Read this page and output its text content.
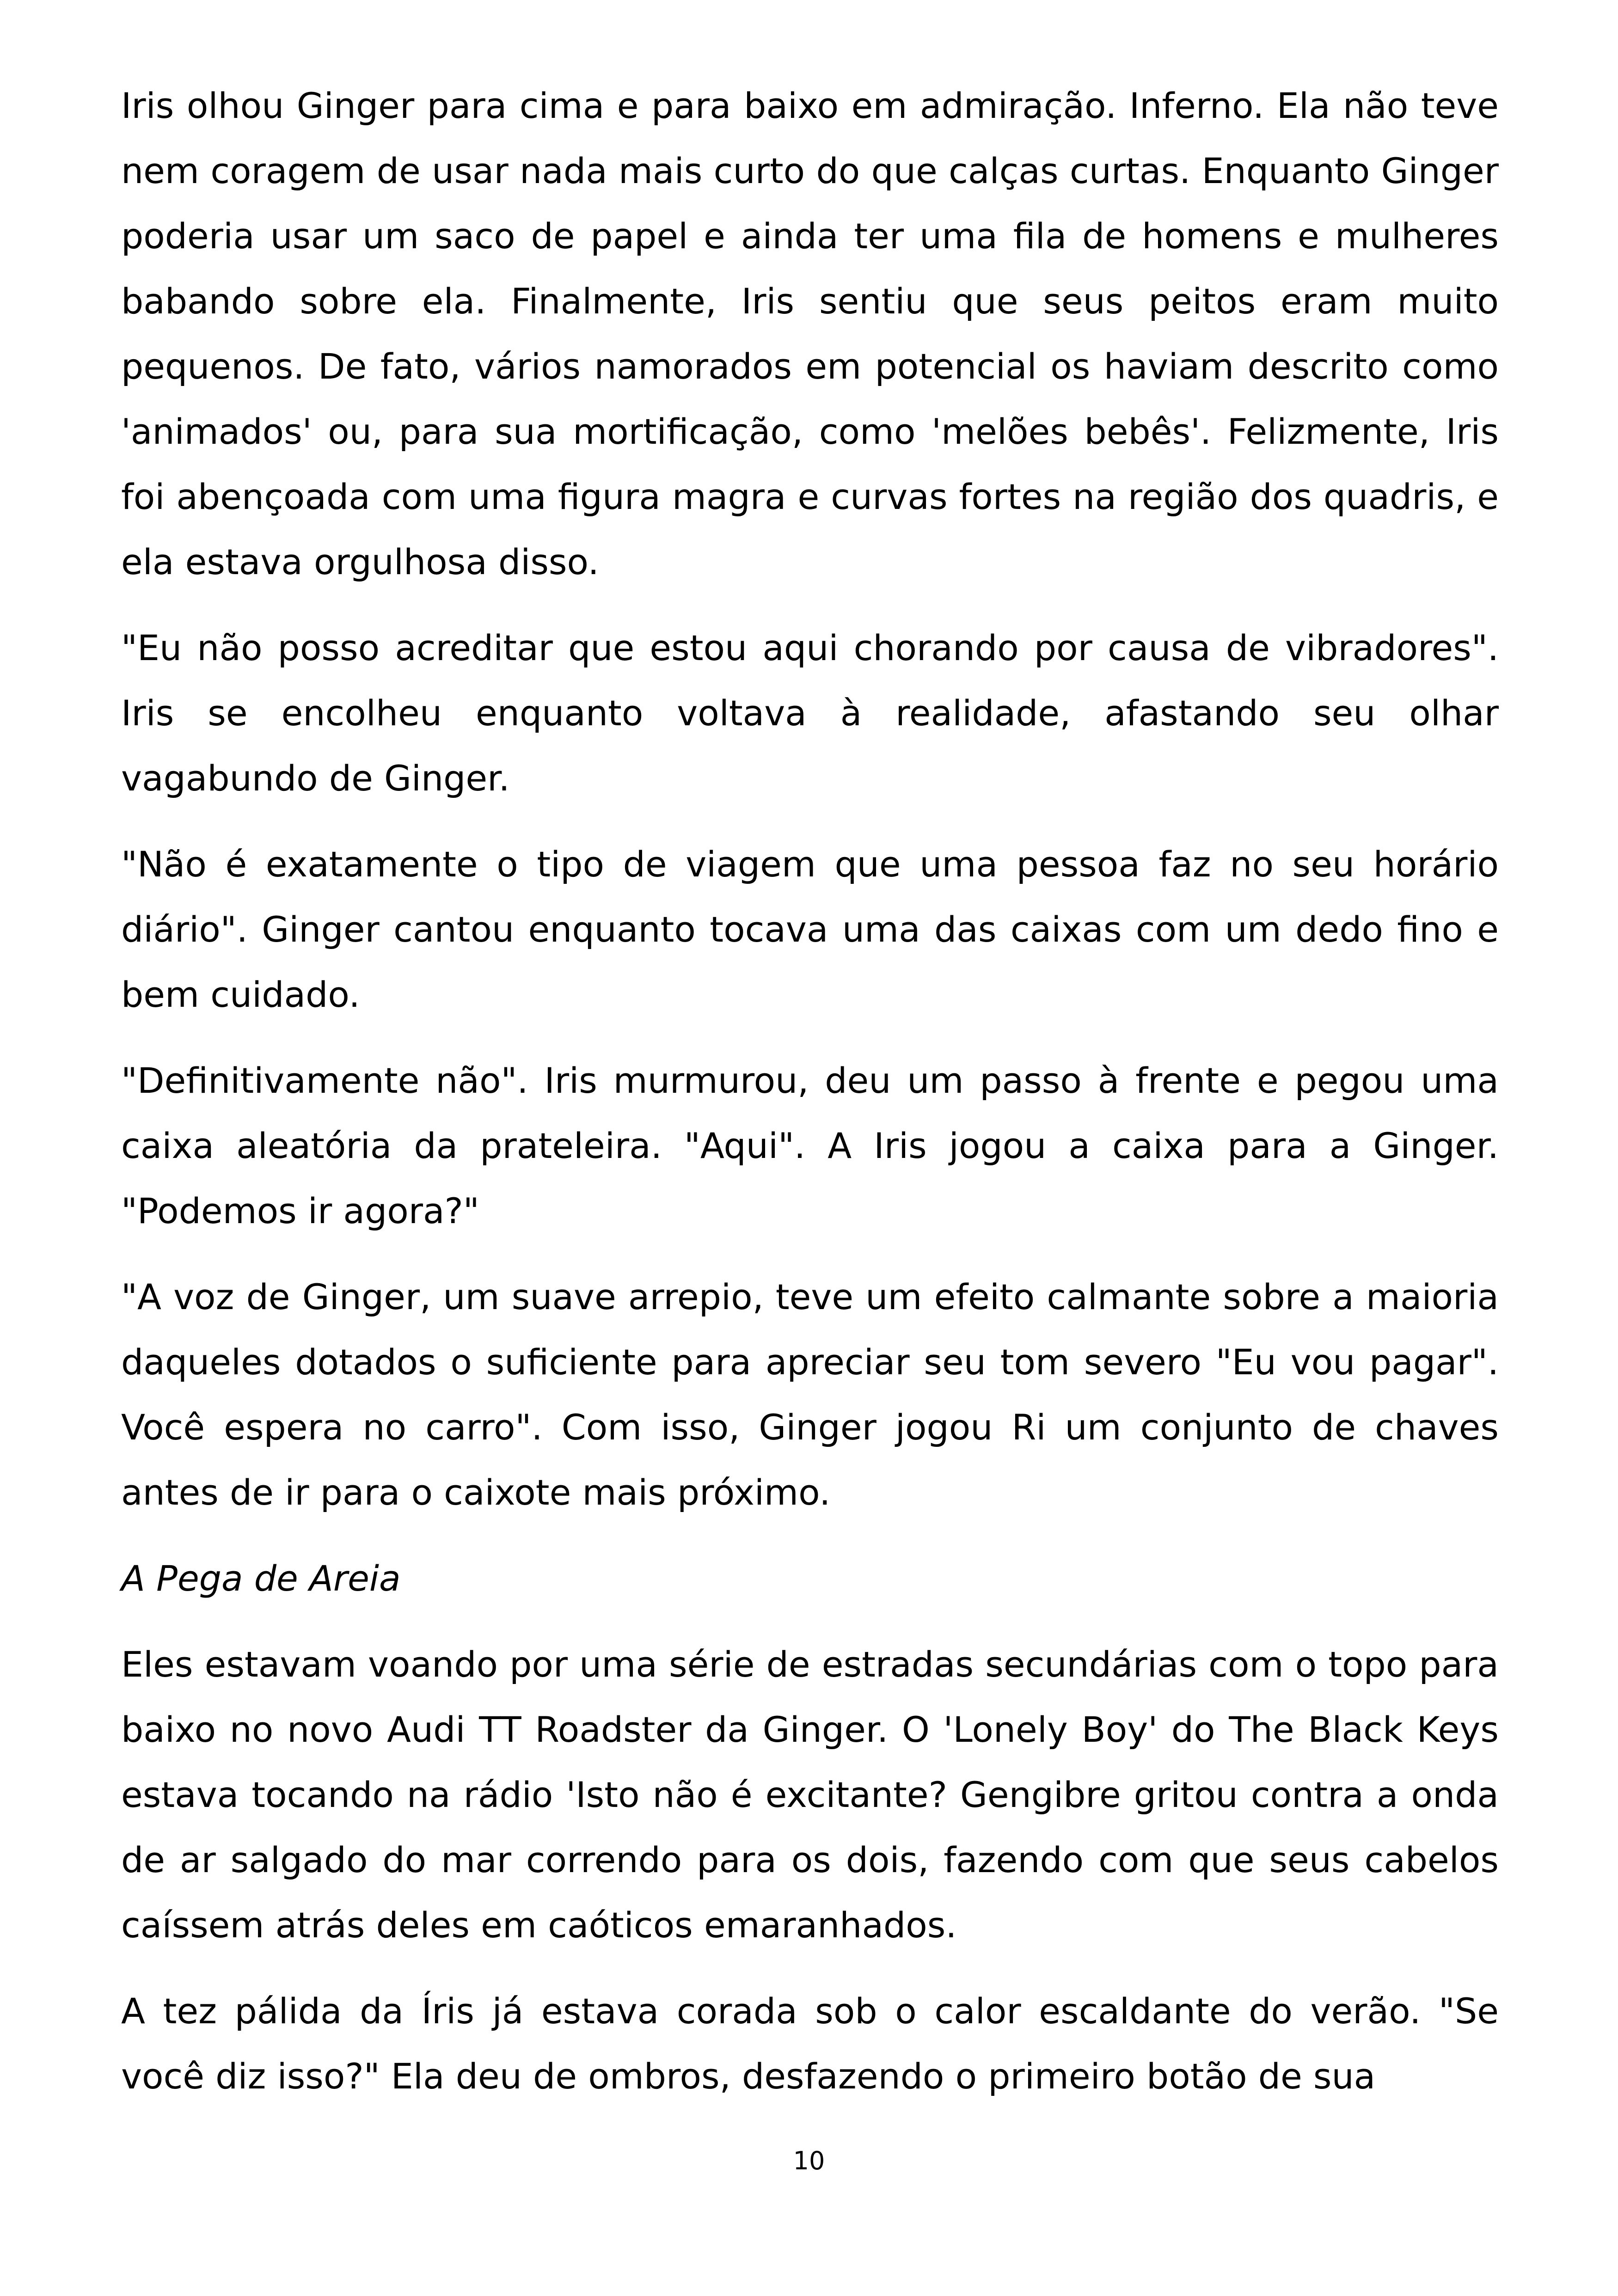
Iris olhou Ginger para cima e para baixo em admiração. Inferno. Ela não teve nem coragem de usar nada mais curto do que calças curtas. Enquanto Ginger poderia usar um saco de papel e ainda ter uma fila de homens e mulheres babando sobre ela. Finalmente, Iris sentiu que seus peitos eram muito pequenos. De fato, vários namorados em potencial os haviam descrito como 'animados' ou, para sua mortificação, como 'melões bebês'. Felizmente, Iris foi abençoada com uma figura magra e curvas fortes na região dos quadris, e ela estava orgulhosa disso.

"Eu não posso acreditar que estou aqui chorando por causa de vibradores". Iris se encolheu enquanto voltava à realidade, afastando seu olhar vagabundo de Ginger.

"Não é exatamente o tipo de viagem que uma pessoa faz no seu horário diário". Ginger cantou enquanto tocava uma das caixas com um dedo fino e bem cuidado.

"Definitivamente não". Iris murmurou, deu um passo à frente e pegou uma caixa aleatória da prateleira. "Aqui". A Iris jogou a caixa para a Ginger. "Podemos ir agora?"

"A voz de Ginger, um suave arrepio, teve um efeito calmante sobre a maioria daqueles dotados o suficiente para apreciar seu tom severo "Eu vou pagar". Você espera no carro". Com isso, Ginger jogou Ri um conjunto de chaves antes de ir para o caixote mais próximo.

A Pega de Areia

Eles estavam voando por uma série de estradas secundárias com o topo para baixo no novo Audi TT Roadster da Ginger. O 'Lonely Boy' do The Black Keys estava tocando na rádio 'Isto não é excitante? Gengibre gritou contra a onda de ar salgado do mar correndo para os dois, fazendo com que seus cabelos caíssem atrás deles em caóticos emaranhados.

A tez pálida da Íris já estava corada sob o calor escaldante do verão. "Se você diz isso?" Ela deu de ombros, desfazendo o primeiro botão de sua

10
